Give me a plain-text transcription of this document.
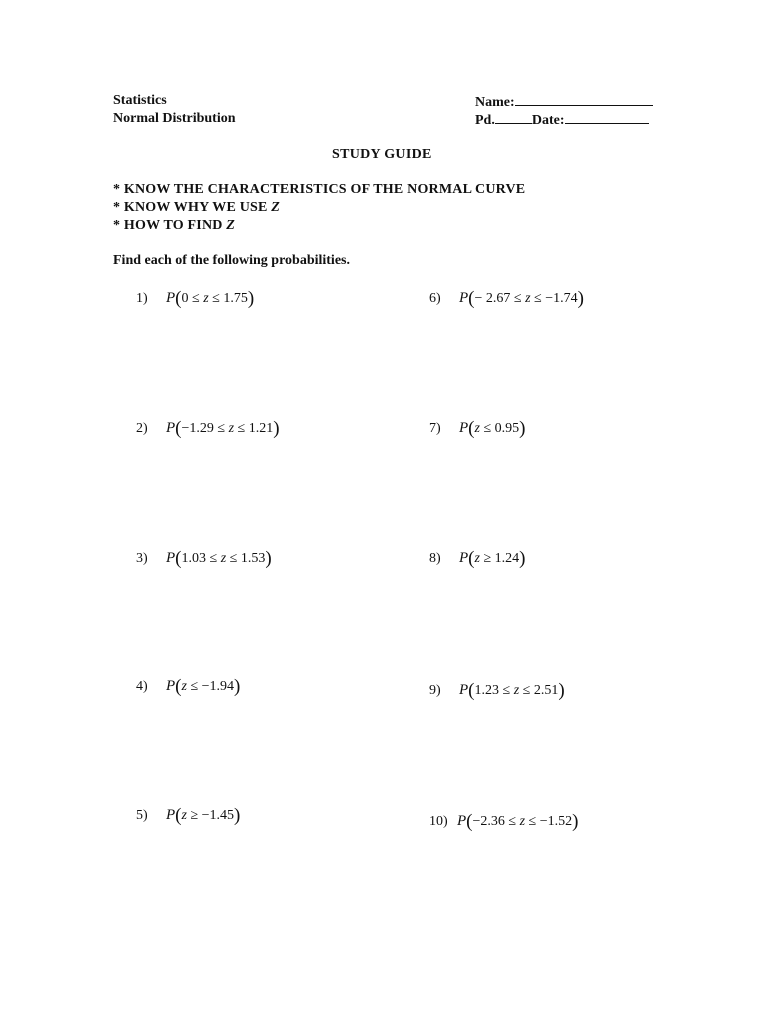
Statistics
Normal Distribution
Name:
Pd.	Date:
STUDY GUIDE
* KNOW THE CHARACTERISTICS OF THE NORMAL CURVE
* KNOW WHY WE USE Z
* HOW TO FIND Z
Find each of the following probabilities.
1) P(0 ≤ z ≤ 1.75)
2) P(−1.29 ≤ z ≤ 1.21)
3) P(1.03 ≤ z ≤ 1.53)
4) P(z ≤ −1.94)
5) P(z ≥ −1.45)
6) P(− 2.67 ≤ z ≤ −1.74)
7) P(z ≤ 0.95)
8) P(z ≥ 1.24)
9) P(1.23 ≤ z ≤ 2.51)
10) P(−2.36 ≤ z ≤ −1.52)
